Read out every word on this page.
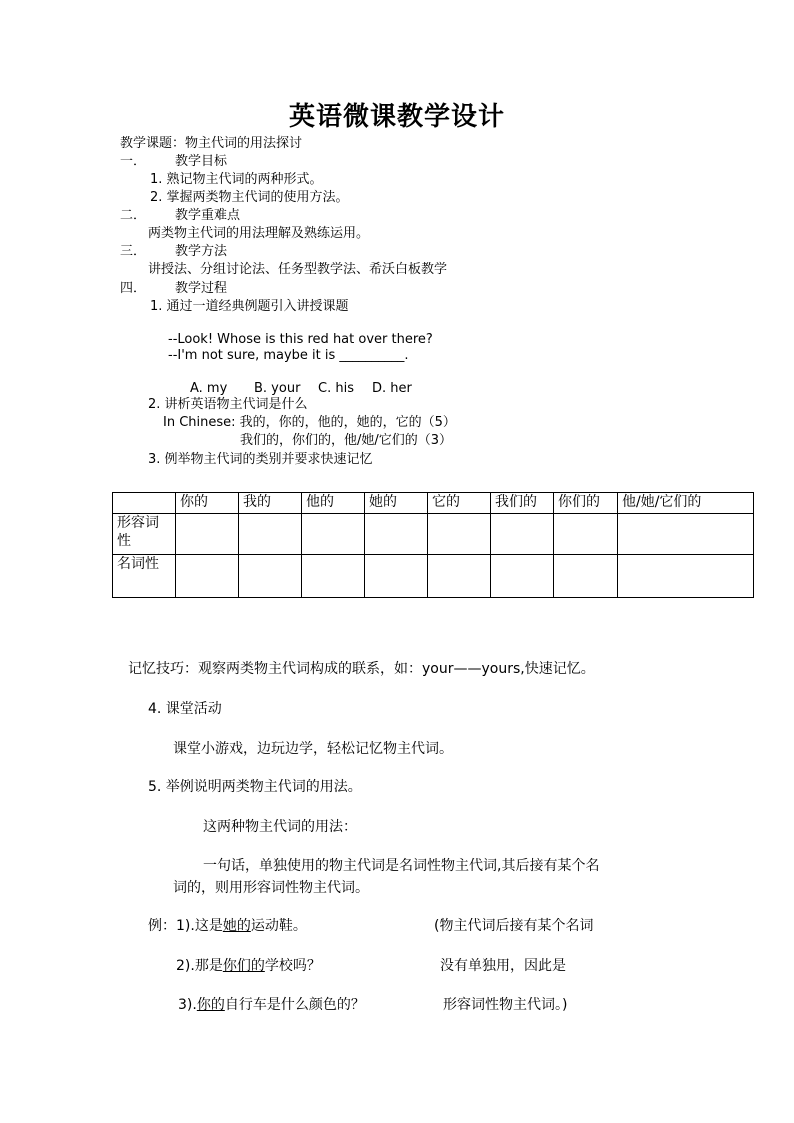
英语微课教学设计
教学课题：物主代词的用法探讨
一． 教学目标
1. 熟记物主代词的两种形式。
2. 掌握两类物主代词的使用方法。
二． 教学重难点
两类物主代词的用法理解及熟练运用。
三． 教学方法
讲授法、分组讨论法、任务型教学法、希沃白板教学
四． 教学过程
1. 通过一道经典例题引入讲授课题
--Look! Whose is this red hat over there?
--I'm not sure, maybe it is __________.
A. my B. your C. his D. her
2. 讲析英语物主代词是什么
In Chinese: 我的，你的，他的，她的，它的（5）
我们的，你们的，他/她/它们的（3）
3. 例举物主代词的类别并要求快速记忆
	你的	我的	他的	她的	它的	我们的	你们的	他/她/它们的
形容词性								
名词性								
记忆技巧：观察两类物主代词构成的联系，如：your——yours,快速记忆。
4. 课堂活动
课堂小游戏，边玩边学，轻松记忆物主代词。
5. 举例说明两类物主代词的用法。
这两种物主代词的用法：
一句话，单独使用的物主代词是名词性物主代词,其后接有某个名
词的，则用形容词性物主代词。
例：1).这是她的运动鞋。
2).那是你们的学校吗？
3).你的自行车是什么颜色的？
(物主代词后接有某个名词
没有单独用，因此是
形容词性物主代词。)
